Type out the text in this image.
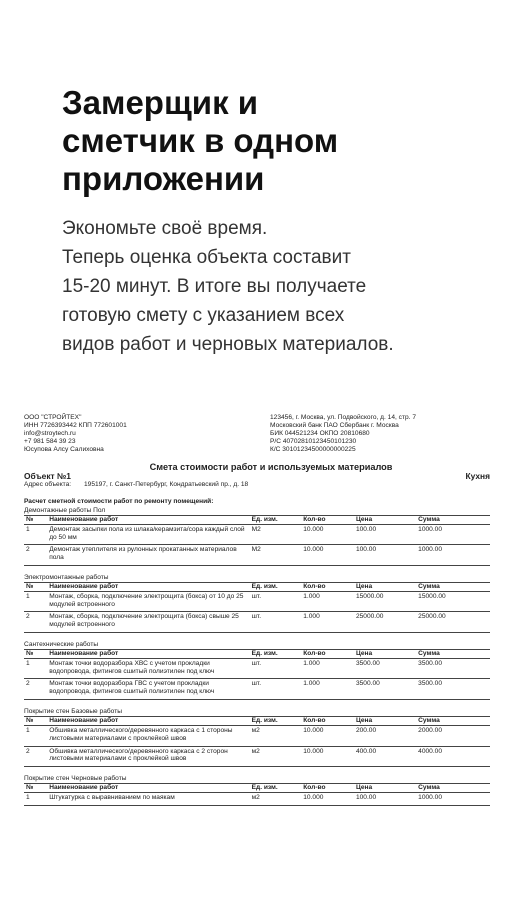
Замерщик и
сметчик в одном
приложении
Экономьте своё время.
Теперь оценка объекта составит
15-20 минут. В итоге вы получаете
готовую смету с указанием всех
видов работ и черновых материалов.
ООО "СТРОЙТЕХ"
ИНН 7726393442 КПП 772601001
info@stroytech.ru
+7 981 584 39 23
Юсупова Алсу Салиховна
123456, г. Москва, ул. Подвойского, д. 14, стр. 7
Московский банк ПАО Сбербанк г. Москва
БИК 044521234 ОКПО 20810680
Р/С 40702810123450101230
К/С 30101234500000000225
Смета стоимости работ и используемых материалов
Объект №1	Кухня
Адрес объекта:	195197, г. Санкт-Петербург, Кондратьевский пр., д. 18
Расчет сметной стоимости работ по ремонту помещений:
Демонтажные работы Пол
№	Наименование работ	Ед. изм.	Кол-во	Цена	Сумма
1	Демонтаж засыпки пола из шлака/керамзита/сора каждый слой до 50 мм	М2	10.000	100.00	1000.00
2	Демонтаж утеплителя из рулонных прокатанных материалов пола	М2	10.000	100.00	1000.00
Электромонтажные работы
№	Наименование работ	Ед. изм.	Кол-во	Цена	Сумма
1	Монтаж, сборка, подключение электрощита (бокса) от 10 до 25 модулей встроенного	шт.	1.000	15000.00	15000.00
2	Монтаж, сборка, подключение электрощита (бокса) свыше 25 модулей встроенного	шт.	1.000	25000.00	25000.00
Сантехнические работы
№	Наименование работ	Ед. изм.	Кол-во	Цена	Сумма
1	Монтаж точки водоразбора ХВС с учетом прокладки водопровода, фитингов сшитый полиэтилен под ключ	шт.	1.000	3500.00	3500.00
2	Монтаж точки водоразбора ГВС с учетом прокладки водопровода, фитингов сшитый полиэтилен под ключ	шт.	1.000	3500.00	3500.00
Покрытие стен Базовые работы
№	Наименование работ	Ед. изм.	Кол-во	Цена	Сумма
1	Обшивка металлического/деревянного каркаса с 1 стороны листовыми материалами с проклейкой швов	м2	10.000	200.00	2000.00
2	Обшивка металлического/деревянного каркаса с 2 сторон листовыми материалами с проклейкой швов	м2	10.000	400.00	4000.00
Покрытие стен Черновые работы
№	Наименование работ	Ед. изм.	Кол-во	Цена	Сумма
1	Штукатурка с выравниванием по маякам	м2	10.000	100.00	1000.00
